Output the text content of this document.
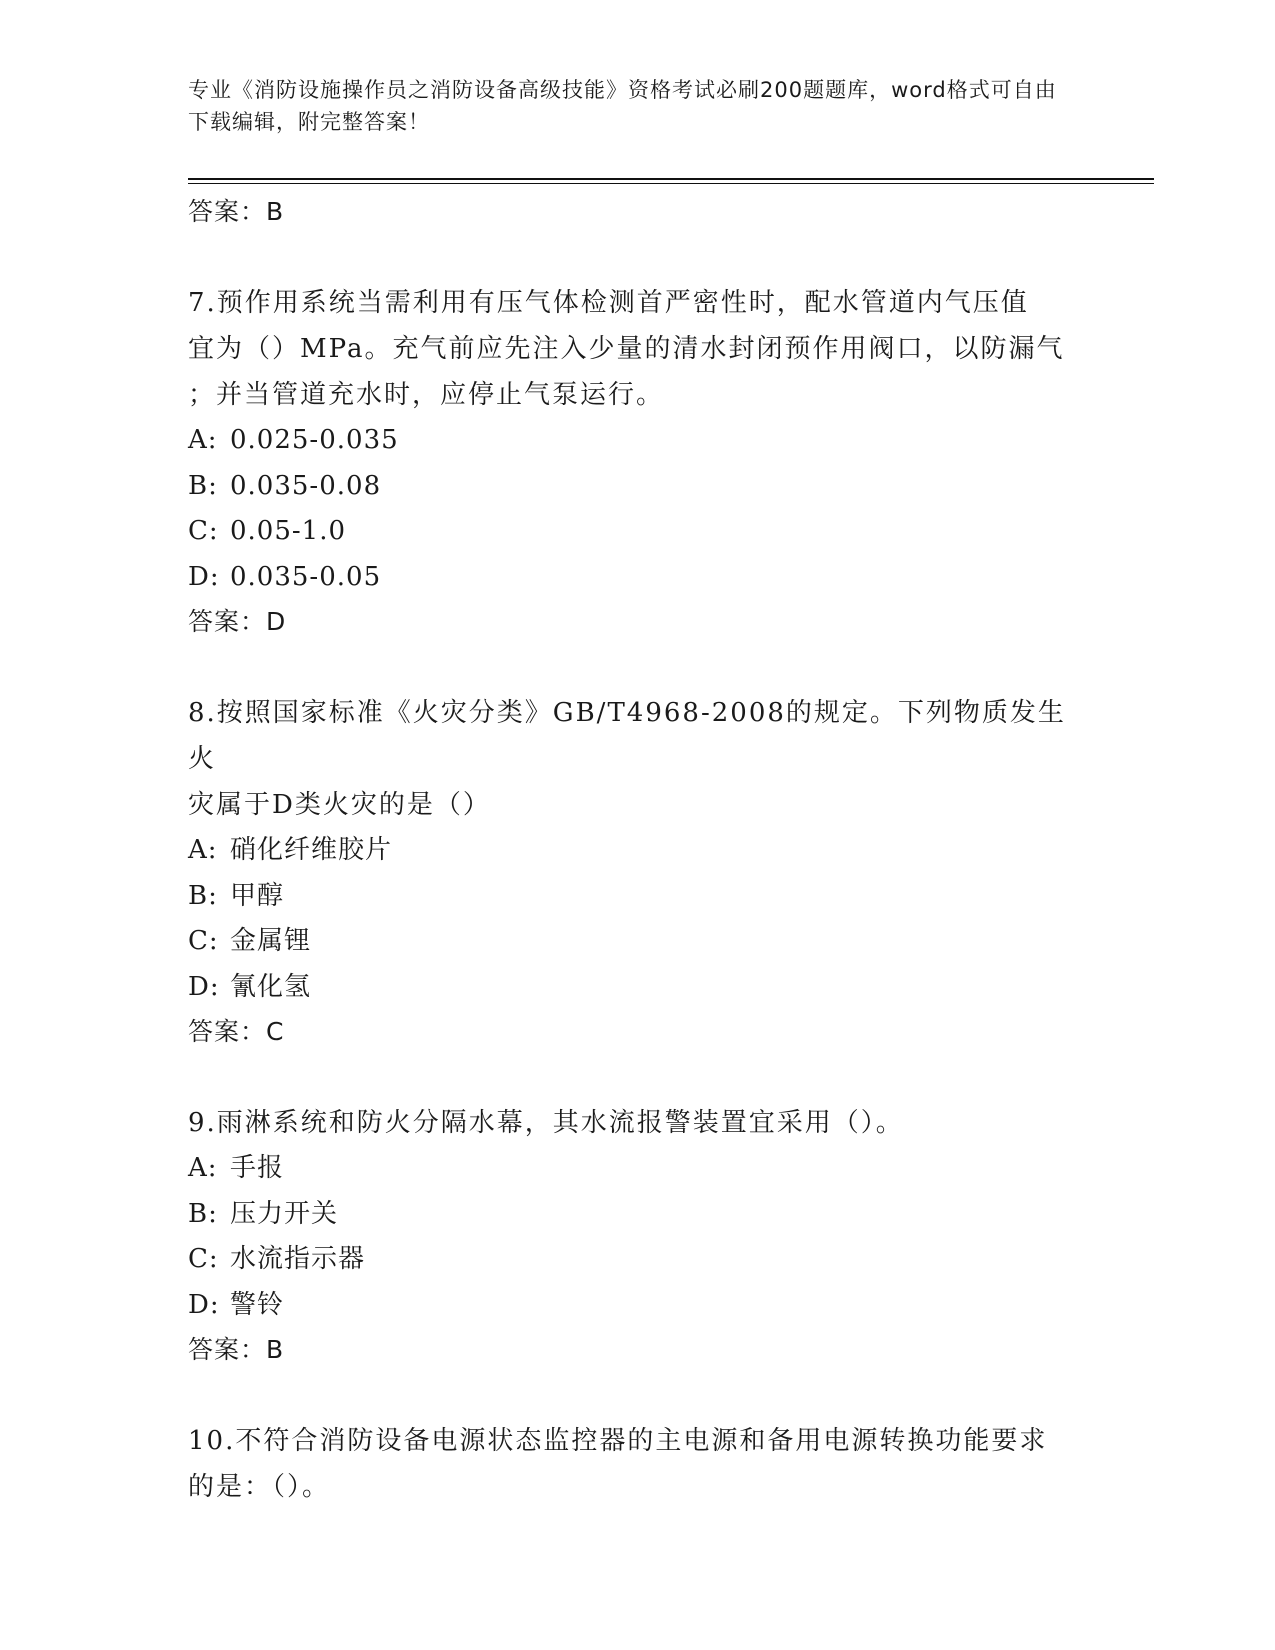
专业《消防设施操作员之消防设备高级技能》资格考试必刷200题题库，word格式可自由下载编辑，附完整答案！
答案：B
7.预作用系统当需利用有压气体检测首严密性时，配水管道内气压值
宜为（）MPa。充气前应先注入少量的清水封闭预作用阀口，以防漏气
；并当管道充水时，应停止气泵运行。
A: 0.025-0.035
B: 0.035-0.08
C: 0.05-1.0
D: 0.035-0.05
答案：D
8.按照国家标准《火灾分类》GB/T4968-2008的规定。下列物质发生火
灾属于D类火灾的是（）
A: 硝化纤维胶片
B: 甲醇
C: 金属锂
D: 氰化氢
答案：C
9.雨淋系统和防火分隔水幕，其水流报警装置宜采用（）。
A: 手报
B: 压力开关
C: 水流指示器
D: 警铃
答案：B
10.不符合消防设备电源状态监控器的主电源和备用电源转换功能要求
的是：（）。
